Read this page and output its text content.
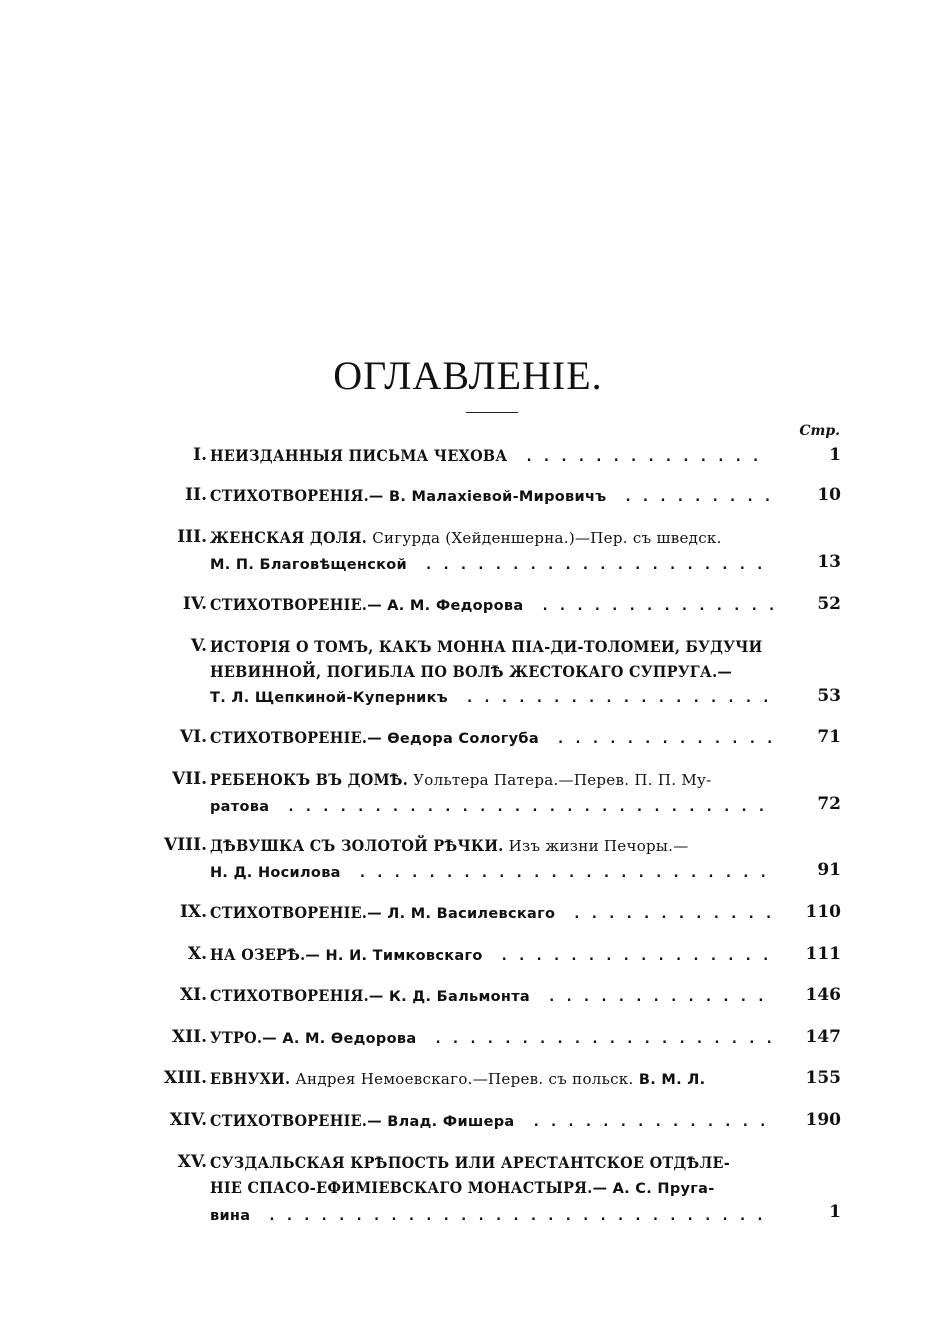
ОГЛАВЛЕНIЕ.
Стр.
I. НЕИЗДАННЫЯ ПИСЬМА ЧЕХОВА ..............	1
II. СТИХОТВОРЕНIЯ.— В. Малахiевой-Мировичъ .........	10
III. ЖЕНСКАЯ ДОЛЯ. Сигурда (Хейденшерна.)—Пер. съ шведск.
М. П. Благовѣщенской ....................	13
IV. СТИХОТВОРЕНIЕ.— А. М. Федорова ..............	52
V. ИСТОРIЯ О ТОМЪ, КАКЪ МОННА ПIА-ДИ-ТОЛОМЕИ, БУДУЧИ
НЕВИННОЙ, ПОГИБЛА ПО ВОЛѢ ЖЕСТОКАГО СУПРУГА.—
Т. Л. Щепкиной-Куперникъ ..................	53
VI. СТИХОТВОРЕНIЕ.— Өедора Сологуба .............	71
VII. РЕБЕНОКЪ ВЪ ДОМѢ. Уольтера Патера.—Перев. П. П. Му-
ратова ............................	72
VIII. ДѢВУШКА СЪ ЗОЛОТОЙ РѢЧКИ. Изъ жизни Печоры.—
Н. Д. Носилова ........................	91
IX. СТИХОТВОРЕНIЕ.— Л. М. Василевскаго ............	110
X. НА ОЗЕРѢ.— Н. И. Тимковскаго ................	111
XI. СТИХОТВОРЕНIЯ.— К. Д. Бальмонта .............	146
XII. УТРО.— А. М. Өедорова ....................	147
XIII. ЕВНУХИ. Андрея Немоевскаго.—Перев. съ польск. В. М. Л.	155
XIV. СТИХОТВОРЕНIЕ.— Влад. Фишера ..............	190
XV. СУЗДАЛЬСКАЯ КРѢПОСТЬ ИЛИ АРЕСТАНТСКОЕ ОТДѢЛЕ-
НIЕ СПАСО-ЕФИМIЕВСКАГО МОНАСТЫРЯ.— А. С. Пруга-
вина .............................	1
